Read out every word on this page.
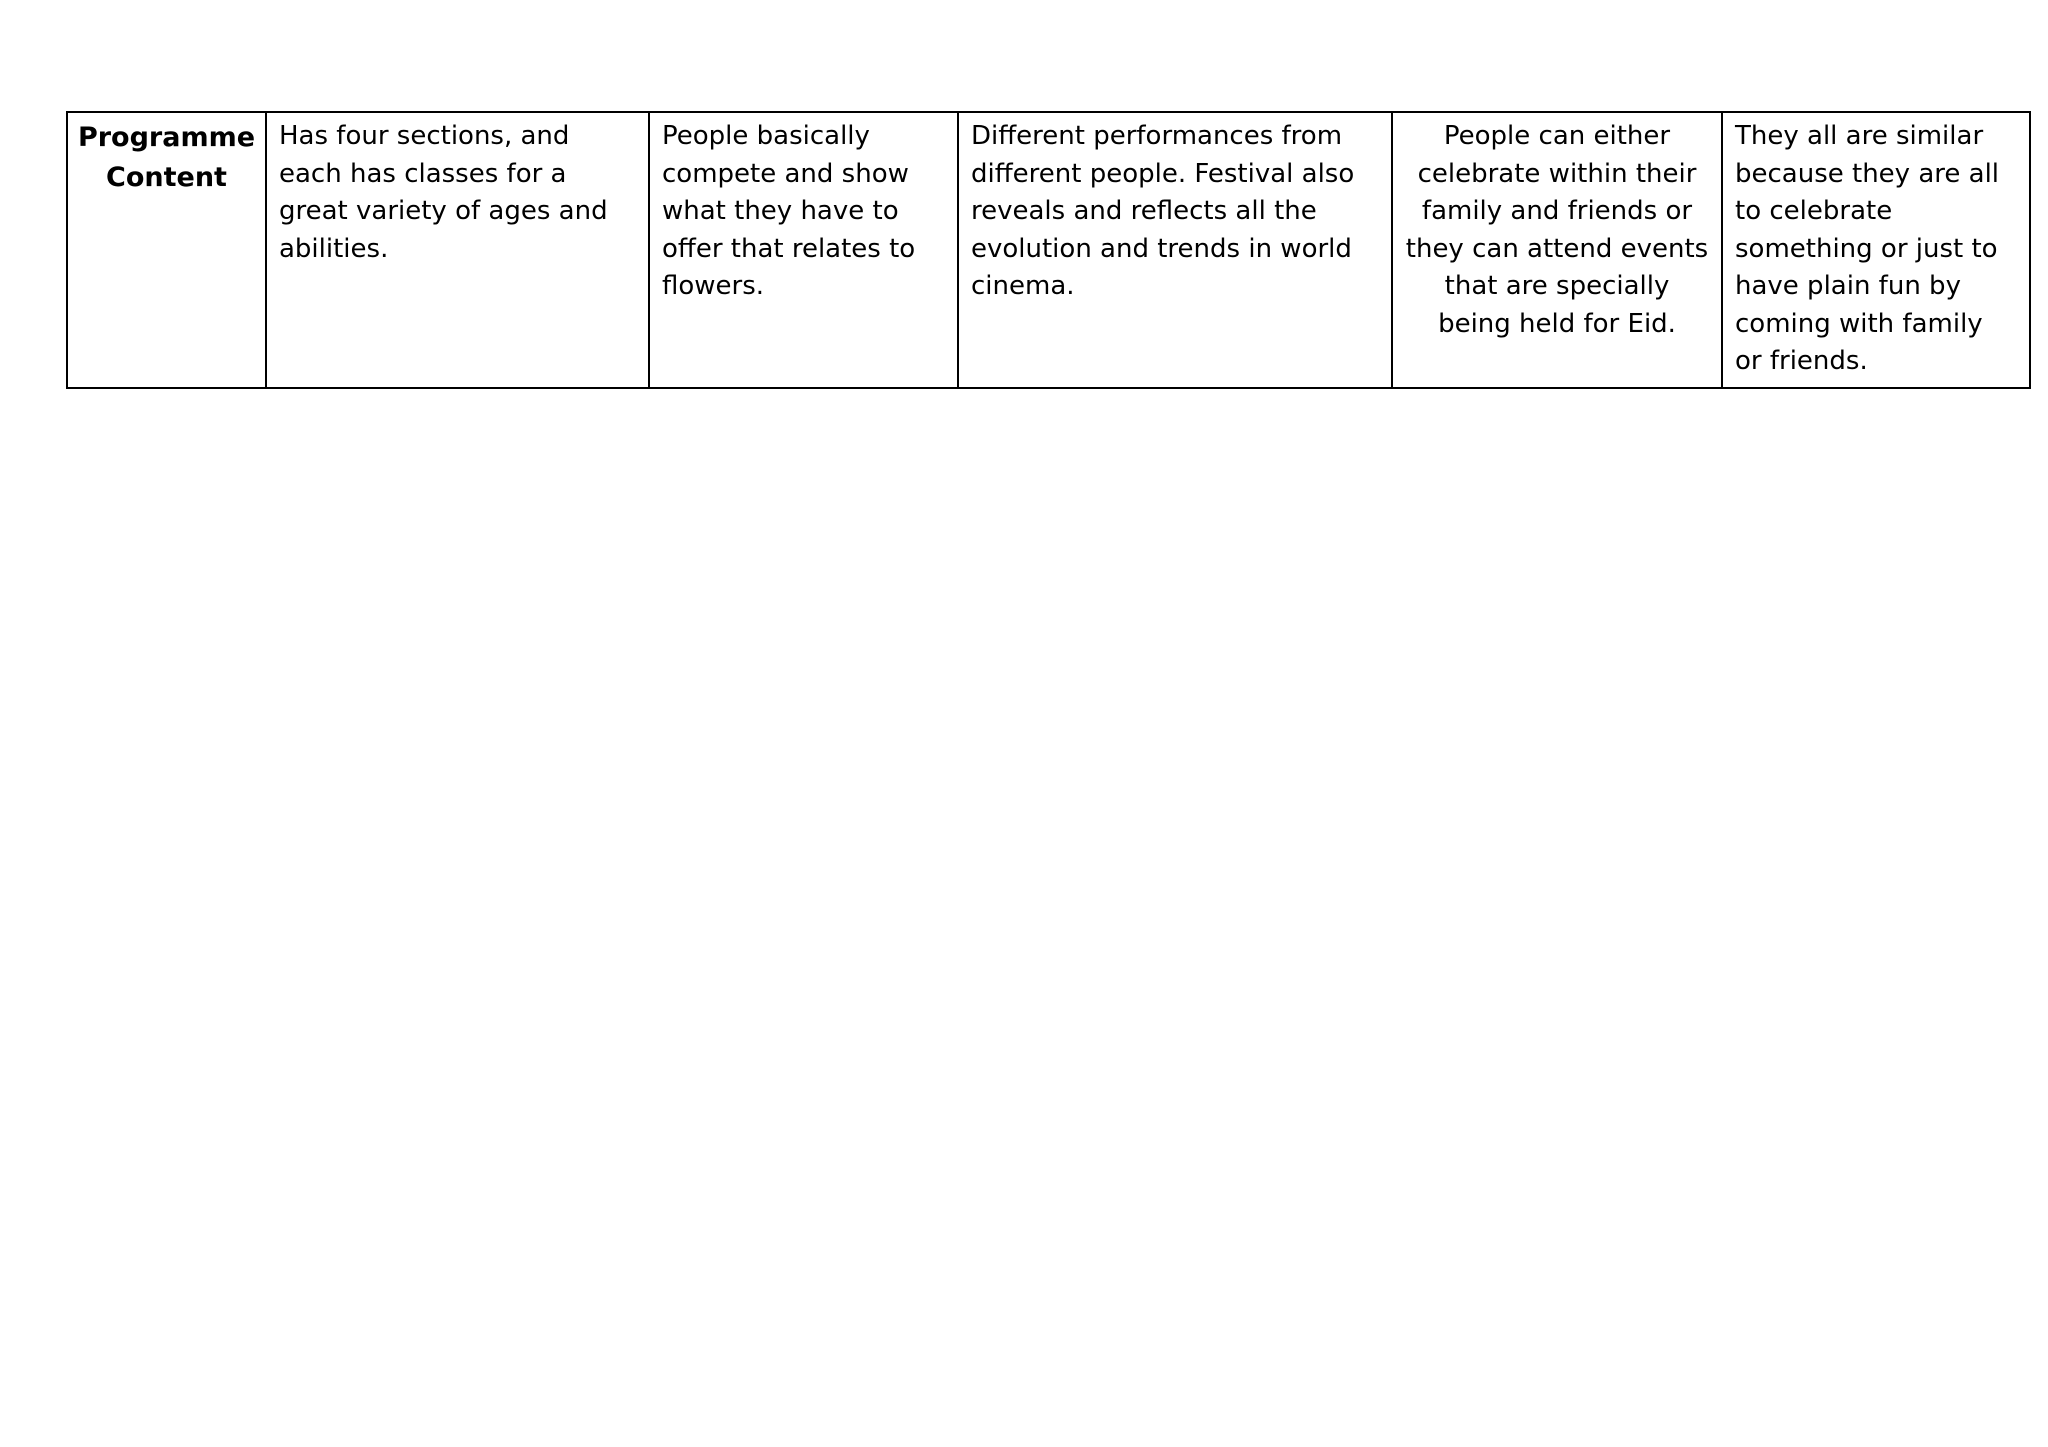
Programme Content	Has four sections, and each has classes for a great variety of ages and abilities.	People basically compete and show what they have to offer that relates to flowers.	Different performances from different people. Festival also reveals and reflects all the evolution and trends in world cinema.	People can either celebrate within their family and friends or they can attend events that are specially being held for Eid.	They all are similar because they are all to celebrate something or just to have plain fun by coming with family or friends.
